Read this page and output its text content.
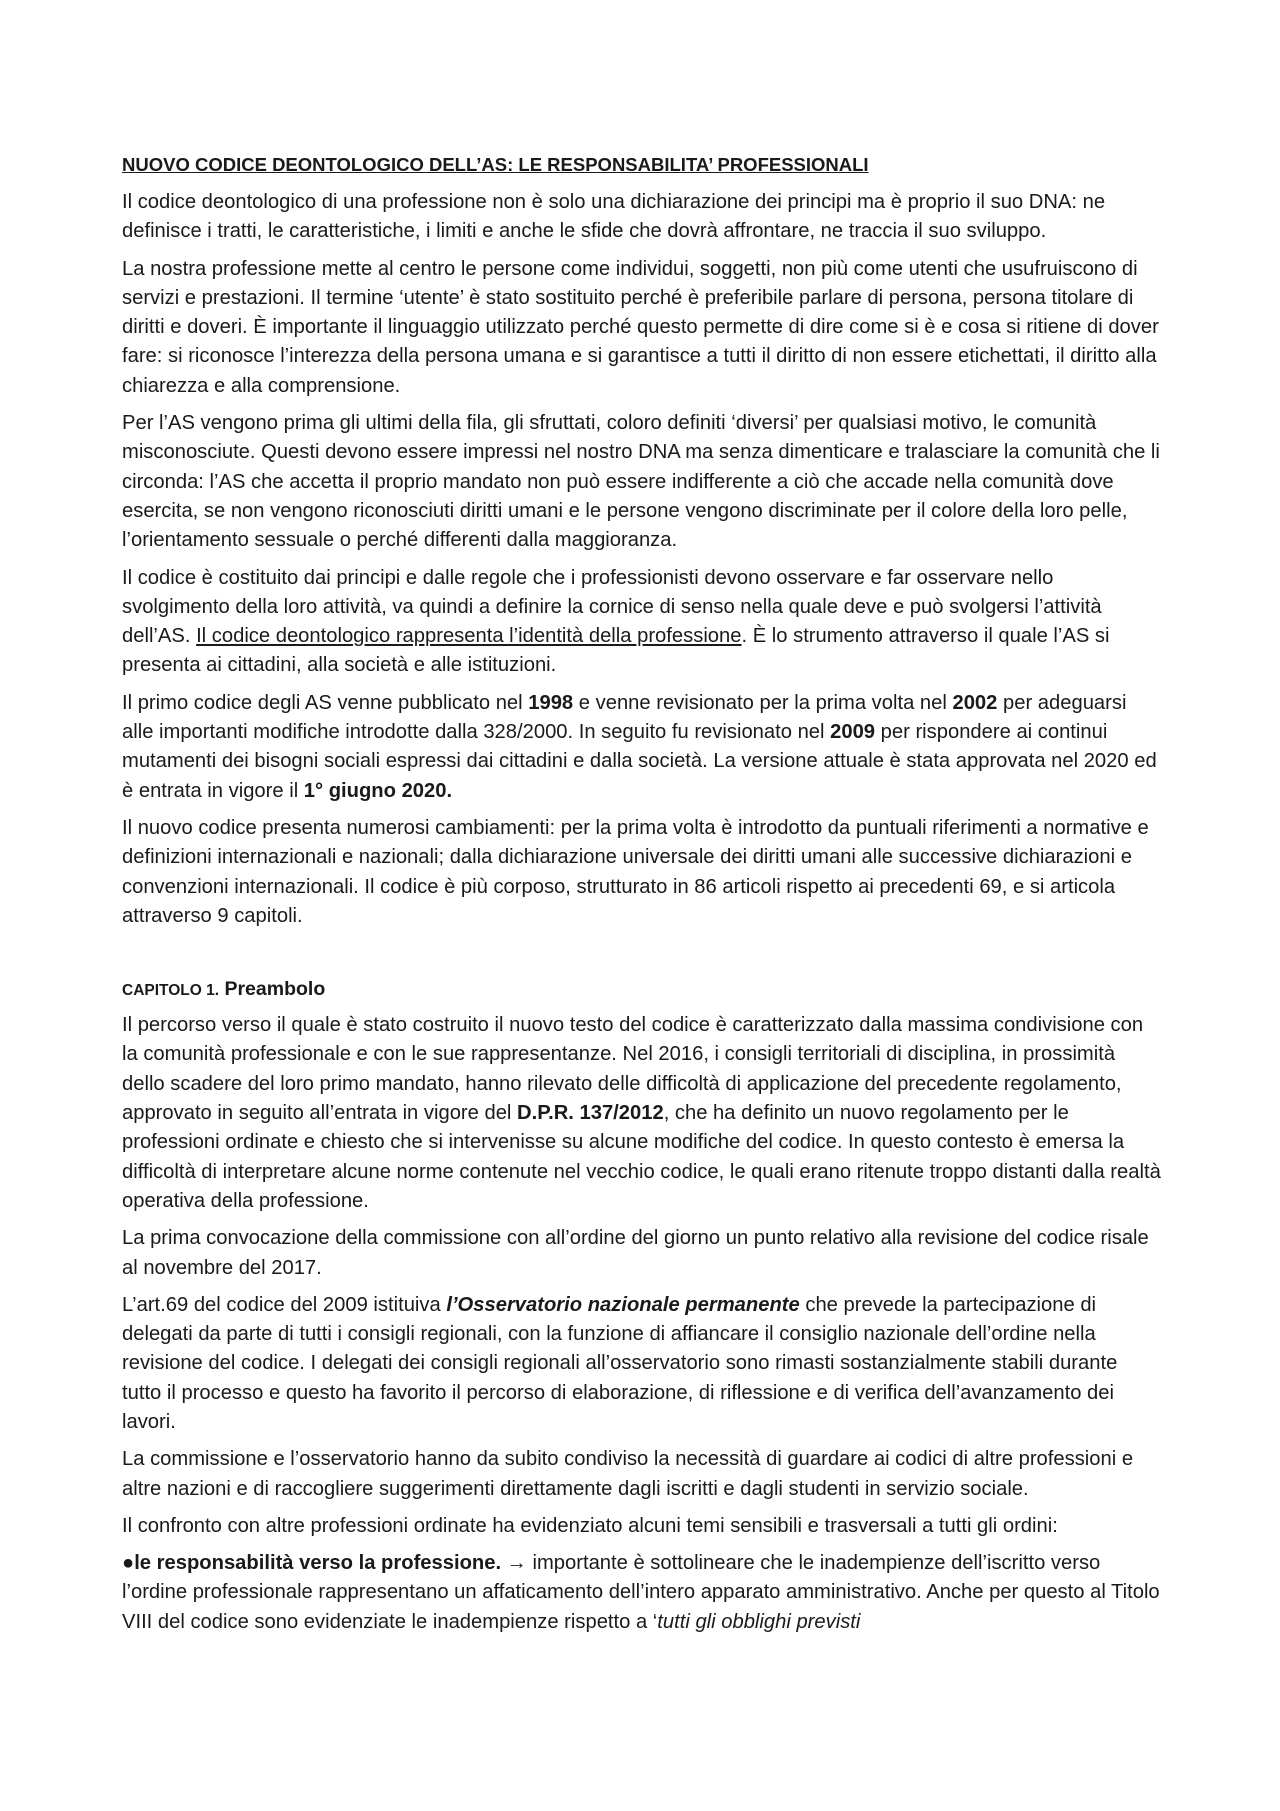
NUOVO CODICE DEONTOLOGICO DELL’AS: LE RESPONSABILITA’ PROFESSIONALI

Il codice deontologico di una professione non è solo una dichiarazione dei principi ma è proprio il suo DNA: ne definisce i tratti, le caratteristiche, i limiti e anche le sfide che dovrà affrontare, ne traccia il suo sviluppo.

La nostra professione mette al centro le persone come individui, soggetti, non più come utenti che usufruiscono di servizi e prestazioni. Il termine ‘utente’ è stato sostituito perché è preferibile parlare di persona, persona titolare di diritti e doveri. È importante il linguaggio utilizzato perché questo permette di dire come si è e cosa si ritiene di dover fare: si riconosce l’interezza della persona umana e si garantisce a tutti il diritto di non essere etichettati, il diritto alla chiarezza e alla comprensione.

Per l’AS vengono prima gli ultimi della fila, gli sfruttati, coloro definiti ‘diversi’ per qualsiasi motivo, le comunità misconosciute. Questi devono essere impressi nel nostro DNA ma senza dimenticare e tralasciare la comunità che li circonda: l’AS che accetta il proprio mandato non può essere indifferente a ciò che accade nella comunità dove esercita, se non vengono riconosciuti diritti umani e le persone vengono discriminate per il colore della loro pelle, l’orientamento sessuale o perché differenti dalla maggioranza.

Il codice è costituito dai principi e dalle regole che i professionisti devono osservare e far osservare nello svolgimento della loro attività, va quindi a definire la cornice di senso nella quale deve e può svolgersi l’attività dell’AS. Il codice deontologico rappresenta l’identità della professione. È lo strumento attraverso il quale l’AS si presenta ai cittadini, alla società e alle istituzioni.

Il primo codice degli AS venne pubblicato nel 1998 e venne revisionato per la prima volta nel 2002 per adeguarsi alle importanti modifiche introdotte dalla 328/2000. In seguito fu revisionato nel 2009 per rispondere ai continui mutamenti dei bisogni sociali espressi dai cittadini e dalla società. La versione attuale è stata approvata nel 2020 ed è entrata in vigore il 1° giugno 2020.

Il nuovo codice presenta numerosi cambiamenti: per la prima volta è introdotto da puntuali riferimenti a normative e definizioni internazionali e nazionali; dalla dichiarazione universale dei diritti umani alle successive dichiarazioni e convenzioni internazionali. Il codice è più corposo, strutturato in 86 articoli rispetto ai precedenti 69, e si articola attraverso 9 capitoli.

CAPITOLO 1. Preambolo

Il percorso verso il quale è stato costruito il nuovo testo del codice è caratterizzato dalla massima condivisione con la comunità professionale e con le sue rappresentanze. Nel 2016, i consigli territoriali di disciplina, in prossimità dello scadere del loro primo mandato, hanno rilevato delle difficoltà di applicazione del precedente regolamento, approvato in seguito all’entrata in vigore del D.P.R. 137/2012, che ha definito un nuovo regolamento per le professioni ordinate e chiesto che si intervenisse su alcune modifiche del codice. In questo contesto è emersa la difficoltà di interpretare alcune norme contenute nel vecchio codice, le quali erano ritenute troppo distanti dalla realtà operativa della professione.

La prima convocazione della commissione con all’ordine del giorno un punto relativo alla revisione del codice risale al novembre del 2017.

L’art.69 del codice del 2009 istituiva l’Osservatorio nazionale permanente che prevede la partecipazione di delegati da parte di tutti i consigli regionali, con la funzione di affiancare il consiglio nazionale dell’ordine nella revisione del codice. I delegati dei consigli regionali all’osservatorio sono rimasti sostanzialmente stabili durante tutto il processo e questo ha favorito il percorso di elaborazione, di riflessione e di verifica dell’avanzamento dei lavori.

La commissione e l’osservatorio hanno da subito condiviso la necessità di guardare ai codici di altre professioni e altre nazioni e di raccogliere suggerimenti direttamente dagli iscritti e dagli studenti in servizio sociale.

Il confronto con altre professioni ordinate ha evidenziato alcuni temi sensibili e trasversali a tutti gli ordini:

●le responsabilità verso la professione. → importante è sottolineare che le inadempienze dell’iscritto verso l’ordine professionale rappresentano un affaticamento dell’intero apparato amministrativo. Anche per questo al Titolo VIII del codice sono evidenziate le inadempienze rispetto a ‘tutti gli obblighi previsti
